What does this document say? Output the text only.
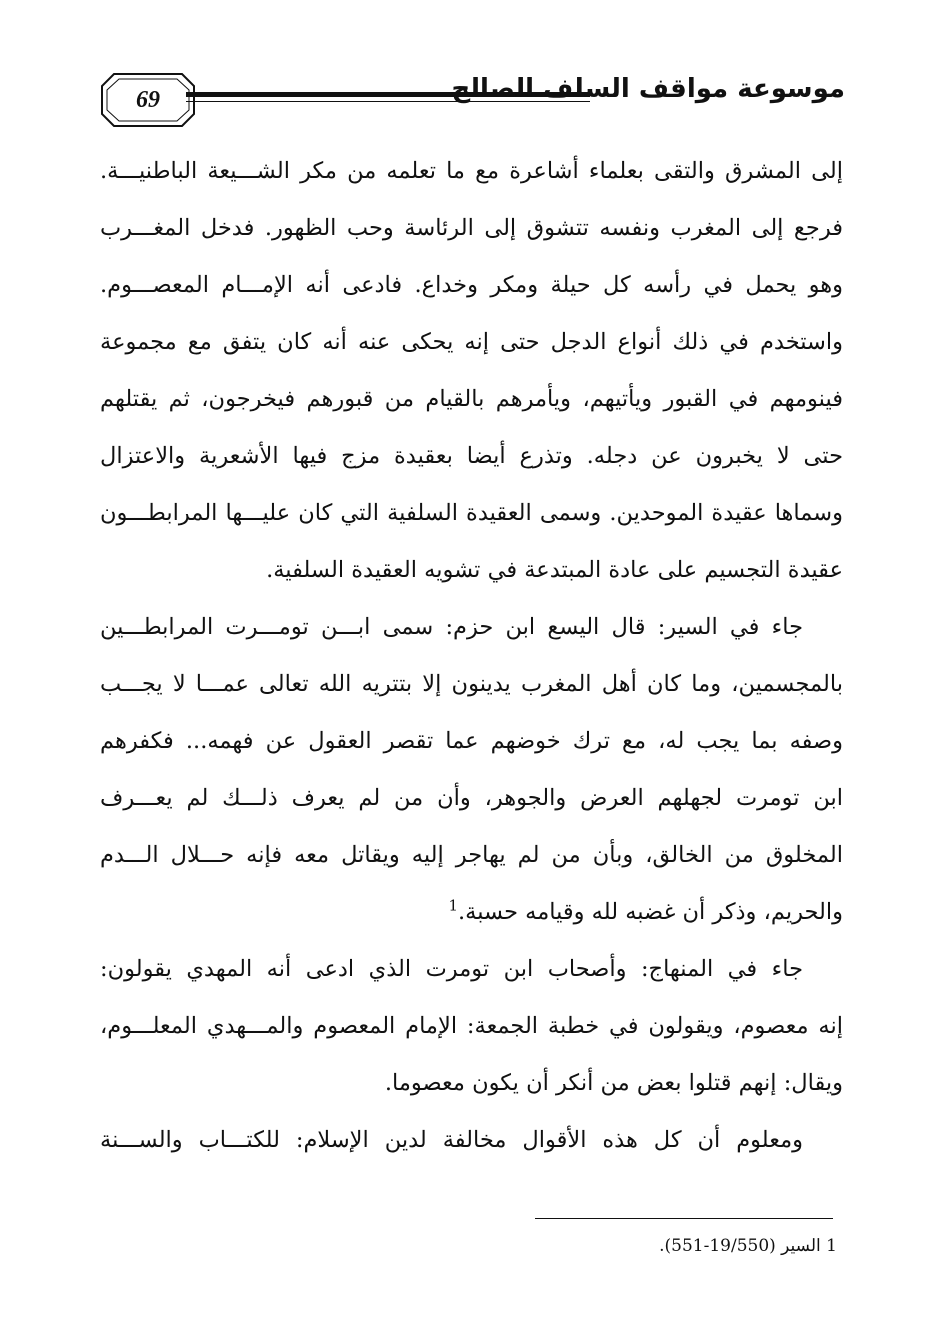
69	موسوعة مواقف السلف الصالح
إلى المشرق والتقى بعلماء أشاعرة مع ما تعلمه من مكر الشـــيعة الباطنيـــة.
فرجع إلى المغرب ونفسه تتشوق إلى الرئاسة وحب الظهور. فدخل المغـــرب
وهو يحمل في رأسه كل حيلة ومكر وخداع. فادعى أنه الإمـــام المعصـــوم.
واستخدم في ذلك أنواع الدجل حتى إنه يحكى عنه أنه كان يتفق مع مجموعة
فينومهم في القبور ويأتيهم، ويأمرهم بالقيام من قبورهم فيخرجون، ثم يقتلهم
حتى لا يخبرون عن دجله. وتذرع أيضا بعقيدة مزج فيها الأشعرية والاعتزال
وسماها عقيدة الموحدين. وسمى العقيدة السلفية التي كان عليـــها المرابطـــون
عقيدة التجسيم على عادة المبتدعة في تشويه العقيدة السلفية.
جاء في السير: قال اليسع ابن حزم: سمى ابـــن تومـــرت المرابطـــين
بالمجسمين، وما كان أهل المغرب يدينون إلا بتتريه الله تعالى عمـــا لا يجـــب
وصفه بما يجب له، مع ترك خوضهم عما تقصر العقول عن فهمه... فكفرهم
ابن تومرت لجهلهم العرض والجوهر، وأن من لم يعرف ذلـــك لم يعـــرف
المخلوق من الخالق، وبأن من لم يهاجر إليه ويقاتل معه فإنه حـــلال الـــدم
والحريم، وذكر أن غضبه لله وقيامه حسبة.$^1$
جاء في المنهاج: وأصحاب ابن تومرت الذي ادعى أنه المهدي يقولون:
إنه معصوم، ويقولون في خطبة الجمعة: الإمام المعصوم والمـــهدي المعلـــوم،
ويقال: إنهم قتلوا بعض من أنكر أن يكون معصوما.
ومعلوم أن كل هذه الأقوال مخالفة لدين الإسلام: للكتـــاب والســـنة
1 السير (19/550-551).
